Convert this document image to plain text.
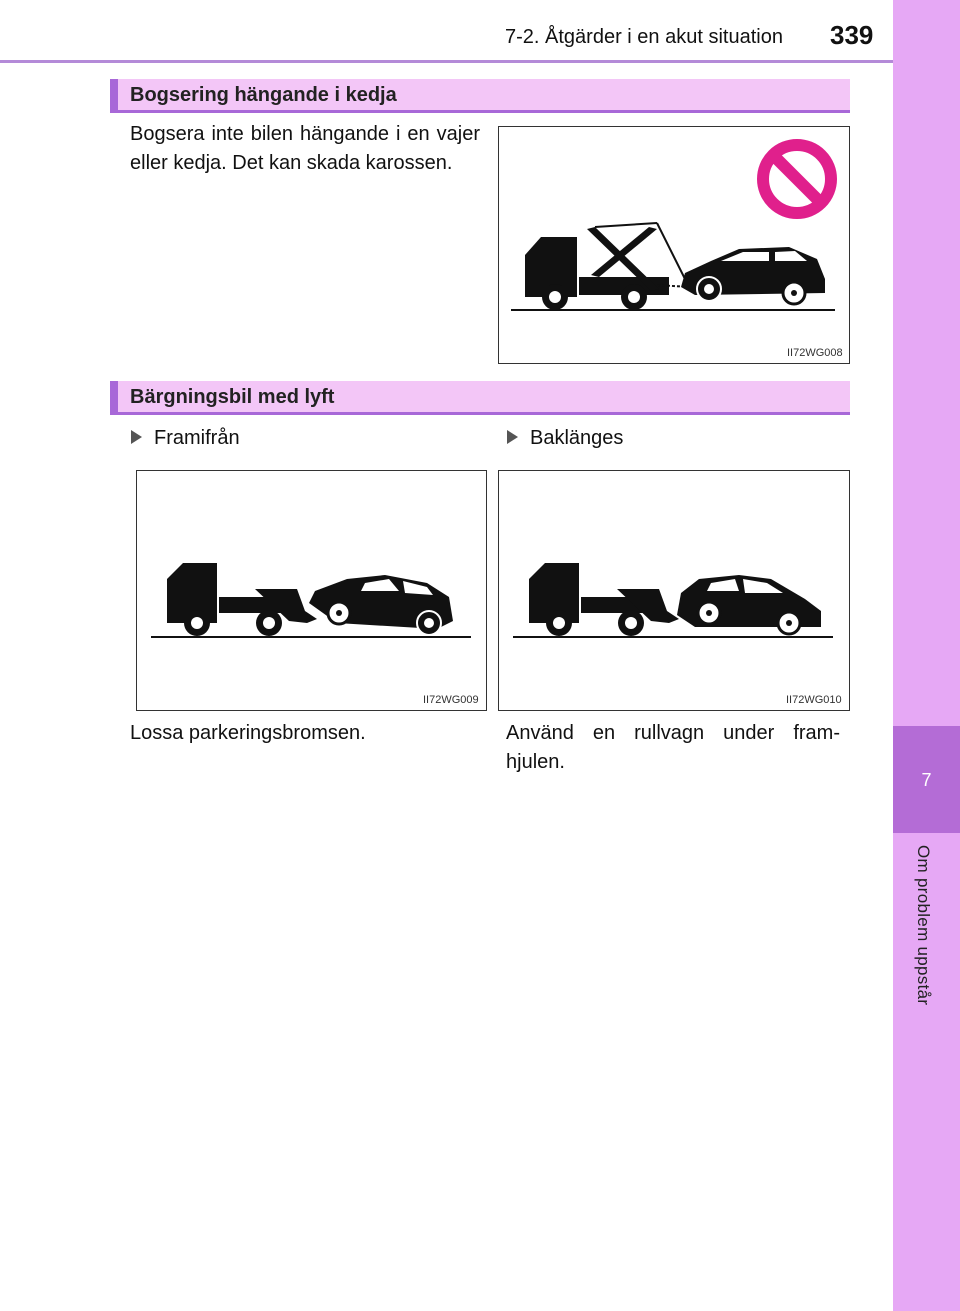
7-2. Åtgärder i en akut situation 339
7
Om problem uppstår
Bogsering hängande i kedja
Bogsera inte bilen hängande i en vajer eller kedja. Det kan skada karossen.
II72WG008
Bärgningsbil med lyft
Framifrån	Baklänges
II72WG009	II72WG010
Lossa parkeringsbromsen.	Använd en rullvagn under fram-hjulen.
